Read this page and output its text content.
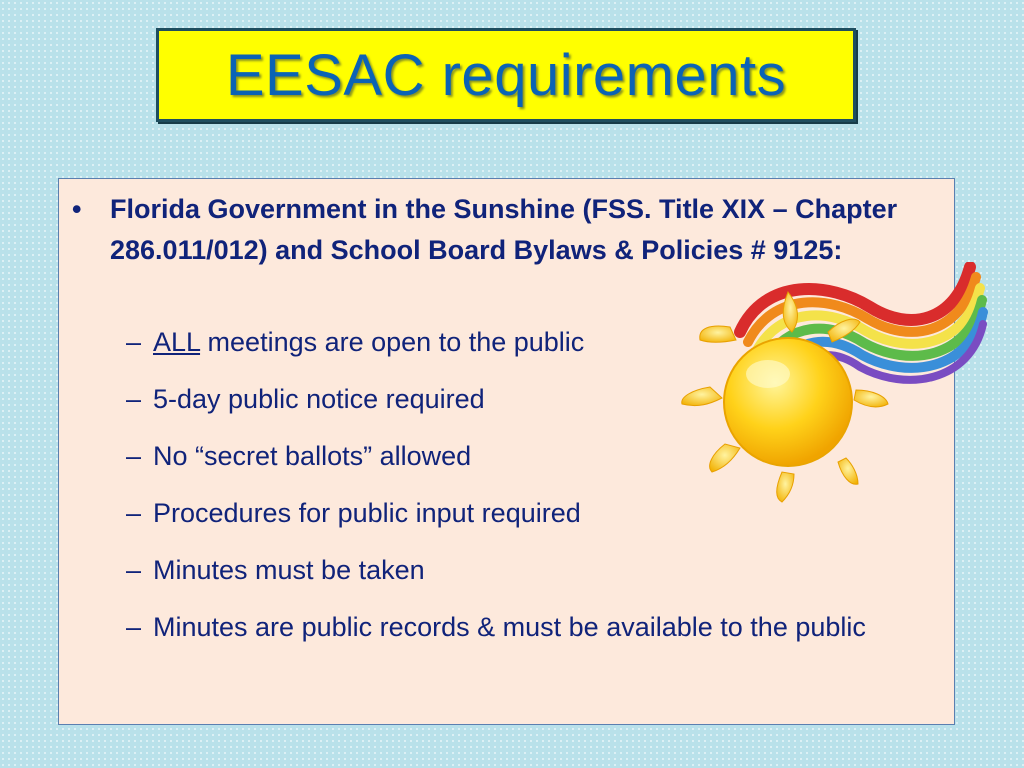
EESAC requirements
•	Florida Government in the Sunshine (FSS. Title XIX – Chapter 286.011/012) and School Board Bylaws & Policies # 9125:
– ALL meetings are open to the public
– 5-day public notice required
– No “secret ballots” allowed
– Procedures for public input required
– Minutes must be taken
– Minutes are public records & must be available to the public
